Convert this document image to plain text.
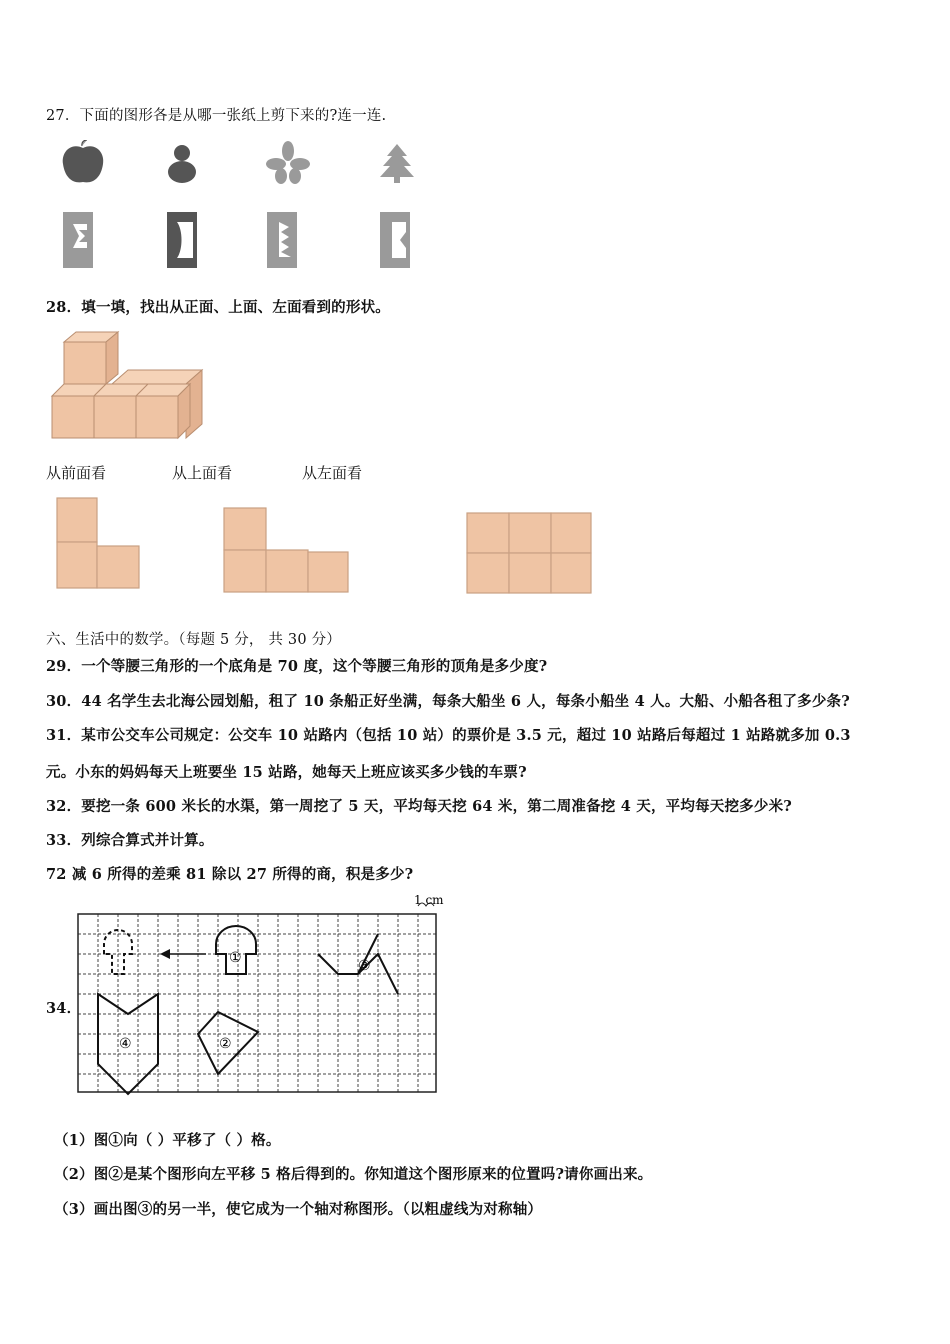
27．下面的图形各是从哪一张纸上剪下来的?连一连.
28．填一填，找出从正面、上面、左面看到的形状。
从前面看	从上面看	从左面看
六、生活中的数学。（每题 5 分， 共 30 分）
29．一个等腰三角形的一个底角是 70 度，这个等腰三角形的顶角是多少度?
30．44 名学生去北海公园划船，租了 10 条船正好坐满，每条大船坐 6 人，每条小船坐 4 人。大船、小船各租了多少条?
31．某市公交车公司规定：公交车 10 站路内（包括 10 站）的票价是 3.5 元，超过 10 站路后每超过 1 站路就多加 0.3
元。小东的妈妈每天上班要坐 15 站路，她每天上班应该买多少钱的车票?
32．要挖一条 600 米长的水渠，第一周挖了 5 天，平均每天挖 64 米，第二周准备挖 4 天，平均每天挖多少米?
33．列综合算式并计算。
72 减 6 所得的差乘 81 除以 27 所得的商，积是多少?
34．
1 cm
①	③
④	②
（1）图①向（ ）平移了（ ）格。
（2）图②是某个图形向左平移 5 格后得到的。你知道这个图形原来的位置吗?请你画出来。
（3）画出图③的另一半，使它成为一个轴对称图形。（以粗虚线为对称轴）
